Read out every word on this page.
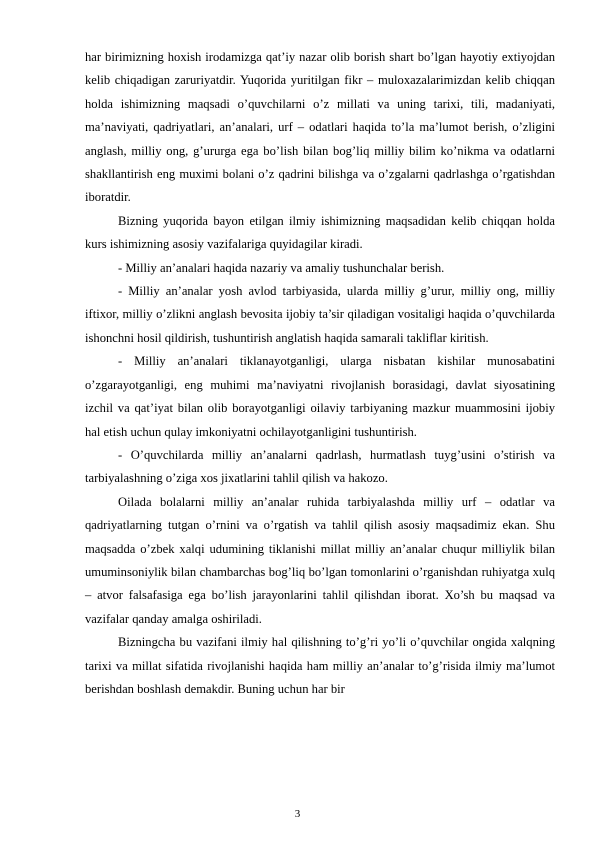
har birimizning hoxish irodamizga qat’iy nazar olib borish shart bo’lgan hayotiy extiyojdan kelib chiqadigan zaruriyatdir. Yuqorida yuritilgan fikr – muloxazalarimizdan kelib chiqqan holda ishimizning maqsadi o’quvchilarni o’z millati va uning tarixi, tili, madaniyati, ma’naviyati, qadriyatlari, an’analari, urf – odatlari haqida to’la ma’lumot berish, o’zligini anglash, milliy ong, g’ururga ega bo’lish bilan bog’liq milliy bilim ko’nikma va odatlarni shakllantirish eng muximi bolani o’z qadrini bilishga va o’zgalarni qadrlashga o’rgatishdan iboratdir.

Bizning yuqorida bayon etilgan ilmiy ishimizning maqsadidan kelib chiqqan holda kurs ishimizning asosiy vazifalariga quyidagilar kiradi.

- Milliy an’analari haqida nazariy va amaliy tushunchalar berish.

- Milliy an’analar yosh avlod tarbiyasida, ularda milliy g’urur, milliy ong, milliy iftixor, milliy o’zlikni anglash bevosita ijobiy ta’sir qiladigan vositaligi haqida o’quvchilarda ishonchni hosil qildirish, tushuntirish anglatish haqida samarali takliflar kiritish.

- Milliy an’analari tiklanayotganligi, ularga nisbatan kishilar munosabatini o’zgarayotganligi, eng muhimi ma’naviyatni rivojlanish borasidagi, davlat siyosatining izchil va qat’iyat bilan olib borayotganligi oilaviy tarbiyaning mazkur muammosini ijobiy hal etish uchun qulay imkoniyatni ochilayotganligini tushuntirish.

- O’quvchilarda milliy an’analarni qadrlash, hurmatlash tuyg’usini o’stirish va tarbiyalashning o’ziga xos jixatlarini tahlil qilish va hakozo.

Oilada bolalarni milliy an’analar ruhida tarbiyalashda milliy urf – odatlar va qadriyatlarning tutgan o’rnini va o’rgatish va tahlil qilish asosiy maqsadimiz ekan. Shu maqsadda o’zbek xalqi udumining tiklanishi millat milliy an’analar chuqur milliylik bilan umuminsoniylik bilan chambarchas bog’liq bo’lgan tomonlarini o’rganishdan ruhiyatga xulq – atvor falsafasiga ega bo’lish jarayonlarini tahlil qilishdan iborat. Xo’sh bu maqsad va vazifalar qanday amalga oshiriladi.

Bizningcha bu vazifani ilmiy hal qilishning to’g’ri yo’li o’quvchilar ongida xalqning tarixi va millat sifatida rivojlanishi haqida ham milliy an’analar to’g’risida ilmiy ma’lumot berishdan boshlash demakdir. Buning uchun har bir

3
